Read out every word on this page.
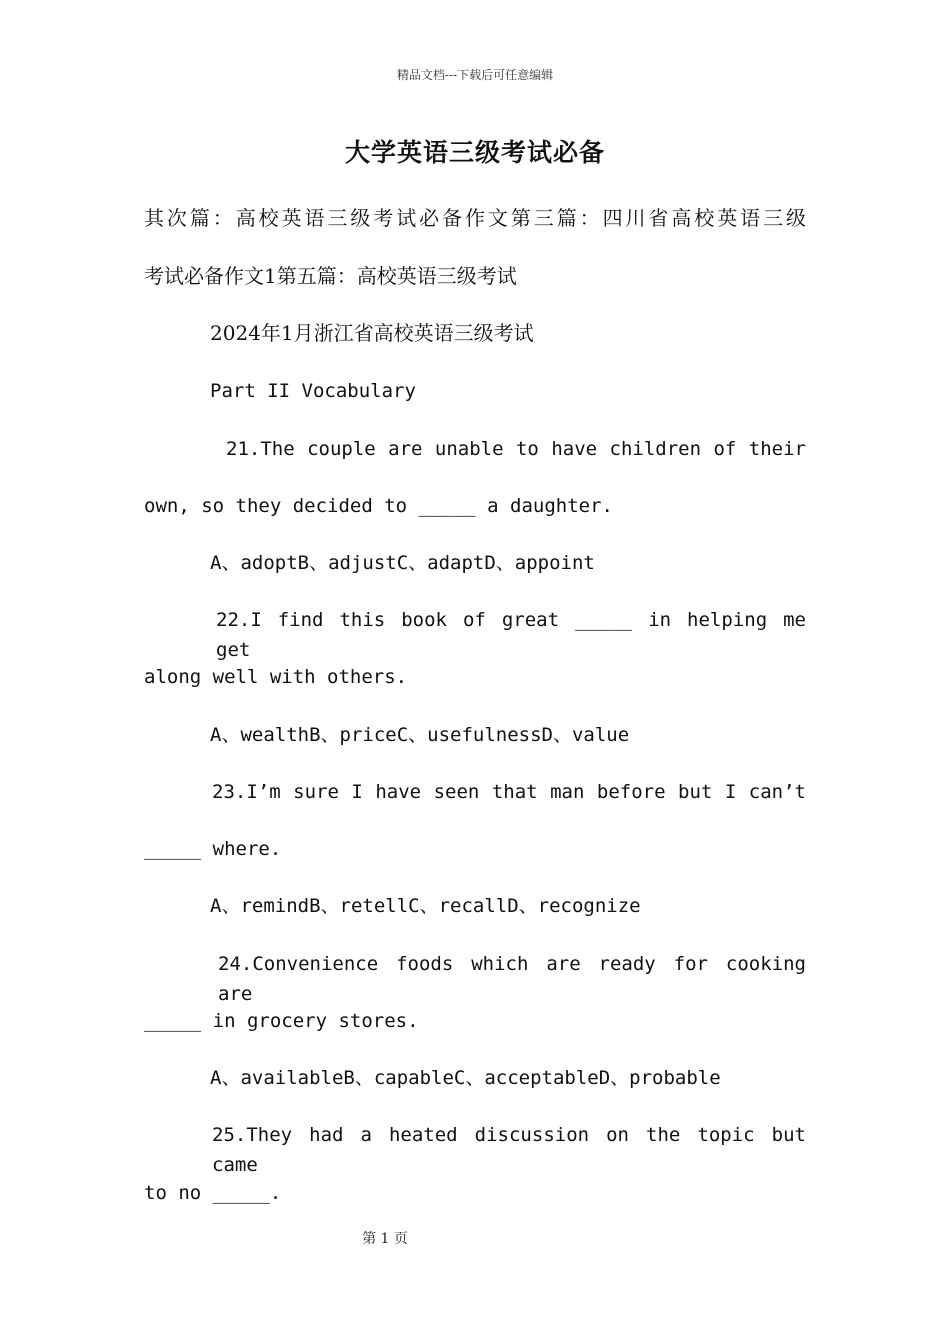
精品文档---下载后可任意编辑
大学英语三级考试必备
其次篇：高校英语三级考试必备作文第三篇：四川省高校英语三级
考试必备作文1第五篇：高校英语三级考试
2024年1月浙江省高校英语三级考试
Part II Vocabulary
21.The couple are unable to have children of their
own, so they decided to _____ a daughter.
A、adoptB、adjustC、adaptD、appoint
22.I find this book of great _____ in helping me get
along well with others.
A、wealthB、priceC、usefulnessD、value
23.I’m sure I have seen that man before but I can’t
_____ where.
A、remindB、retellC、recallD、recognize
24.Convenience foods which are ready for cooking are
_____ in grocery stores.
A、availableB、capableC、acceptableD、probable
25.They had a heated discussion on the topic but came
to no _____.
第 1 页
